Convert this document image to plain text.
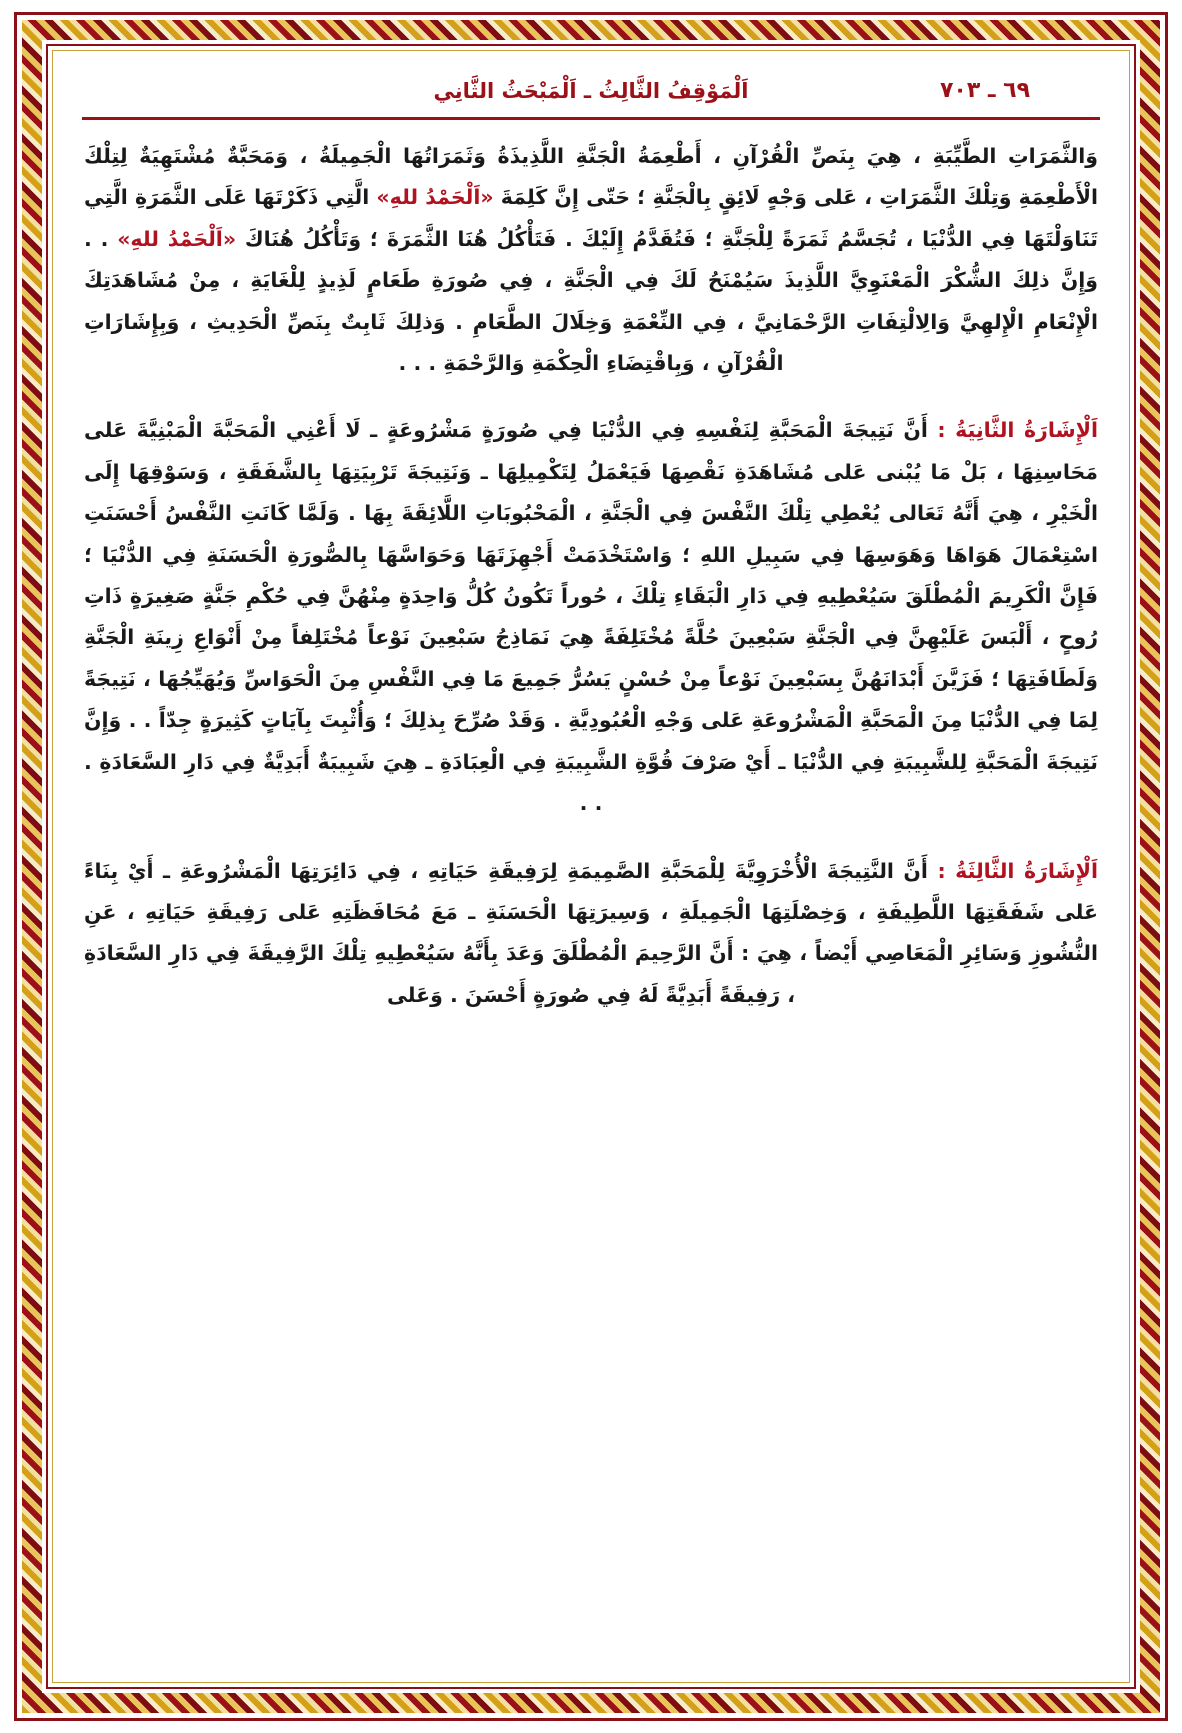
اَلْمَوْقِفُ الثَّالِثُ ـ اَلْمَبْحَثُ الثَّانِي	٦٩ ـ ٧٠٣
وَالثَّمَرَاتِ الطَّيِّبَةِ ، هِيَ بِنَصِّ الْقُرْآنِ ، أَطْعِمَةُ الْجَنَّةِ اللَّذِيذَةُ وَثَمَرَاتُهَا الْجَمِيلَةُ ، وَمَحَبَّةٌ مُشْتَهِيَةٌ لِتِلْكَ الْأَطْعِمَةِ وَتِلْكَ الثَّمَرَاتِ ، عَلى وَجْهٍ لَائِقٍ بِالْجَنَّةِ ؛ حَتّى إِنَّ كَلِمَةَ «اَلْحَمْدُ للهِ» الَّتِي ذَكَرْتَهَا عَلَى الثَّمَرَةِ الَّتِي تَنَاوَلْتَهَا فِي الدُّنْيَا ، تُجَسَّمُ ثَمَرَةً لِلْجَنَّةِ ؛ فَتُقَدَّمُ إِلَيْكَ . فَتَأْكُلُ هُنَا الثَّمَرَةَ ؛ وَتَأْكُلُ هُنَاكَ «اَلْحَمْدُ للهِ» . . وَإِنَّ ذلِكَ الشُّكْرَ الْمَعْنَوِيَّ اللَّذِيذَ سَيُمْنَحُ لَكَ فِي الْجَنَّةِ ، فِي صُورَةِ طَعَامٍ لَذِيذٍ لِلْغَايَةِ ، مِنْ مُشَاهَدَتِكَ الْإِنْعَامِ الْإِلهِيَّ وَالِالْتِفَاتِ الرَّحْمَانِيَّ ، فِي النِّعْمَةِ وَخِلَالَ الطَّعَامِ . وَذلِكَ ثَابِتٌ بِنَصِّ الْحَدِيثِ ، وَبِإِشَارَاتِ الْقُرْآنِ ، وَبِاقْتِضَاءِ الْحِكْمَةِ وَالرَّحْمَةِ . . .
اَلْإِشَارَةُ الثَّانِيَةُ : أَنَّ نَتِيجَةَ الْمَحَبَّةِ لِنَفْسِهِ فِي الدُّنْيَا فِي صُورَةٍ مَشْرُوعَةٍ ـ لَا أَعْنِي الْمَحَبَّةَ الْمَبْنِيَّةَ عَلى مَحَاسِنِهَا ، بَلْ مَا يُبْنى عَلى مُشَاهَدَةِ نَقْصِهَا فَيَعْمَلُ لِتَكْمِيلِهَا ـ وَنَتِيجَةَ تَرْبِيَتِهَا بِالشَّفَقَةِ ، وَسَوْقِهَا إِلَى الْخَيْرِ ، هِيَ أَنَّهُ تَعَالى يُعْطِي تِلْكَ النَّفْسَ فِي الْجَنَّةِ ، الْمَحْبُوبَاتِ اللَّائِقَةَ بِهَا . وَلَمَّا كَانَتِ النَّفْسُ أَحْسَنَتِ اسْتِعْمَالَ هَوَاهَا وَهَوَسِهَا فِي سَبِيلِ اللهِ ؛ وَاسْتَخْدَمَتْ أَجْهِزَتَهَا وَحَوَاسَّهَا بِالصُّورَةِ الْحَسَنَةِ فِي الدُّنْيَا ؛ فَإِنَّ الْكَرِيمَ الْمُطْلَقَ سَيُعْطِيهِ فِي دَارِ الْبَقَاءِ تِلْكَ ، حُوراً تَكُونُ كُلُّ وَاحِدَةٍ مِنْهُنَّ فِي حُكْمِ جَنَّةٍ صَغِيرَةٍ ذَاتِ رُوحٍ ، أَلْبَسَ عَلَيْهِنَّ فِي الْجَنَّةِ سَبْعِينَ حُلَّةً مُخْتَلِفَةً هِيَ نَمَاذِجُ سَبْعِينَ نَوْعاً مُخْتَلِفاً مِنْ أَنْوَاعِ زِينَةِ الْجَنَّةِ وَلَطَافَتِهَا ؛ فَزَيَّنَ أَبْدَانَهُنَّ بِسَبْعِينَ نَوْعاً مِنْ حُسْنٍ يَسُرُّ جَمِيعَ مَا فِي النَّفْسِ مِنَ الْحَوَاسِّ وَيُهَيِّجُهَا ، نَتِيجَةً لِمَا فِي الدُّنْيَا مِنَ الْمَحَبَّةِ الْمَشْرُوعَةِ عَلى وَجْهِ الْعُبُودِيَّةِ . وَقَدْ صُرِّحَ بِذلِكَ ؛ وَأُثْبِتَ بِآيَاتٍ كَثِيرَةٍ جِدّاً . . وَإِنَّ نَتِيجَةَ الْمَحَبَّةِ لِلشَّبِيبَةِ فِي الدُّنْيَا ـ أَيْ صَرْفَ قُوَّةِ الشَّبِيبَةِ فِي الْعِبَادَةِ ـ هِيَ شَبِيبَةٌ أَبَدِيَّةٌ فِي دَارِ السَّعَادَةِ . . .
اَلْإِشَارَةُ الثَّالِثَةُ : أَنَّ النَّتِيجَةَ الْأُخْرَوِيَّةَ لِلْمَحَبَّةِ الصَّمِيمَةِ لِرَفِيقَةِ حَيَاتِهِ ، فِي دَائِرَتِهَا الْمَشْرُوعَةِ ـ أَيْ بِنَاءً عَلى شَفَقَتِهَا اللَّطِيفَةِ ، وَخِصْلَتِهَا الْجَمِيلَةِ ، وَسِيرَتِهَا الْحَسَنَةِ ـ مَعَ مُحَافَظَتِهِ عَلى رَفِيقَةِ حَيَاتِهِ ، عَنِ النُّشُوزِ وَسَائِرِ الْمَعَاصِي أَيْضاً ، هِيَ : أَنَّ الرَّحِيمَ الْمُطْلَقَ وَعَدَ بِأَنَّهُ سَيُعْطِيهِ تِلْكَ الرَّفِيقَةَ فِي دَارِ السَّعَادَةِ ، رَفِيقَةً أَبَدِيَّةً لَهُ فِي صُورَةٍ أَحْسَنَ . وَعَلى
